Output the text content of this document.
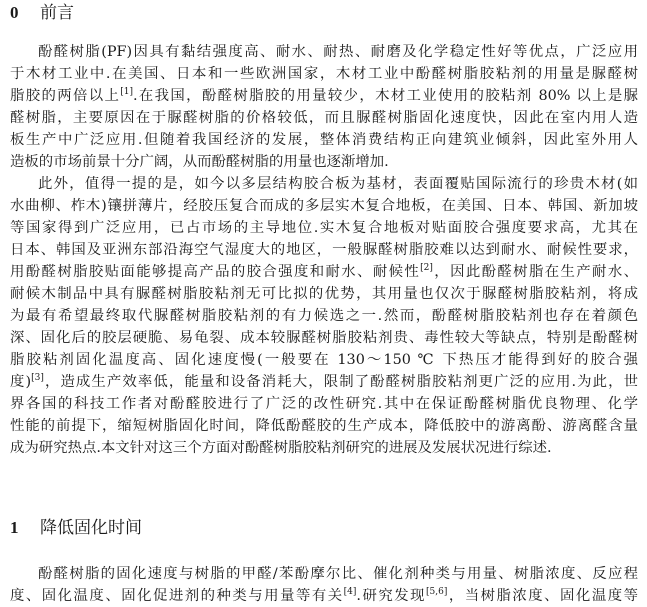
0 前言
酚醛树脂(PF)因具有黏结强度高、耐水、耐热、耐磨及化学稳定性好等优点，广泛应用
于木材工业中.在美国、日本和一些欧洲国家，木材工业中酚醛树脂胶粘剂的用量是脲醛树
脂胶的两倍以上[1].在我国，酚醛树脂胶的用量较少，木材工业使用的胶粘剂 80% 以上是脲
醛树脂，主要原因在于脲醛树脂的价格较低，而且脲醛树脂固化速度快，因此在室内用人造
板生产中广泛应用.但随着我国经济的发展，整体消费结构正向建筑业倾斜，因此室外用人
造板的市场前景十分广阔，从而酚醛树脂的用量也逐渐增加.
此外，值得一提的是，如今以多层结构胶合板为基材，表面覆贴国际流行的珍贵木材(如
水曲柳、柞木)镶拼薄片，经胶压复合而成的多层实木复合地板，在美国、日本、韩国、新加坡
等国家得到广泛应用，已占市场的主导地位.实木复合地板对贴面胶合强度要求高，尤其在
日本、韩国及亚洲东部沿海空气湿度大的地区，一般脲醛树脂胶难以达到耐水、耐候性要求，
用酚醛树脂胶贴面能够提高产品的胶合强度和耐水、耐候性[2]，因此酚醛树脂在生产耐水、
耐候木制品中具有脲醛树脂胶粘剂无可比拟的优势，其用量也仅次于脲醛树脂胶粘剂，将成
为最有希望最终取代脲醛树脂胶粘剂的有力候选之一.然而，酚醛树脂胶粘剂也存在着颜色
深、固化后的胶层硬脆、易龟裂、成本较脲醛树脂胶粘剂贵、毒性较大等缺点，特别是酚醛树
脂胶粘剂固化温度高、固化速度慢(一般要在 130～150 ℃ 下热压才能得到好的胶合强
度)[3]，造成生产效率低，能量和设备消耗大，限制了酚醛树脂胶粘剂更广泛的应用.为此，世
界各国的科技工作者对酚醛胶进行了广泛的改性研究.其中在保证酚醛树脂优良物理、化学
性能的前提下，缩短树脂固化时间，降低酚醛胶的生产成本，降低胶中的游离酚、游离醛含量
成为研究热点.本文针对这三个方面对酚醛树脂胶粘剂研究的进展及发展状况进行综述.
1 降低固化时间
酚醛树脂的固化速度与树脂的甲醛/苯酚摩尔比、催化剂种类与用量、树脂浓度、反应程
度、固化温度、固化促进剂的种类与用量等有关[4].研究发现[5,6]，当树脂浓度、固化温度等
